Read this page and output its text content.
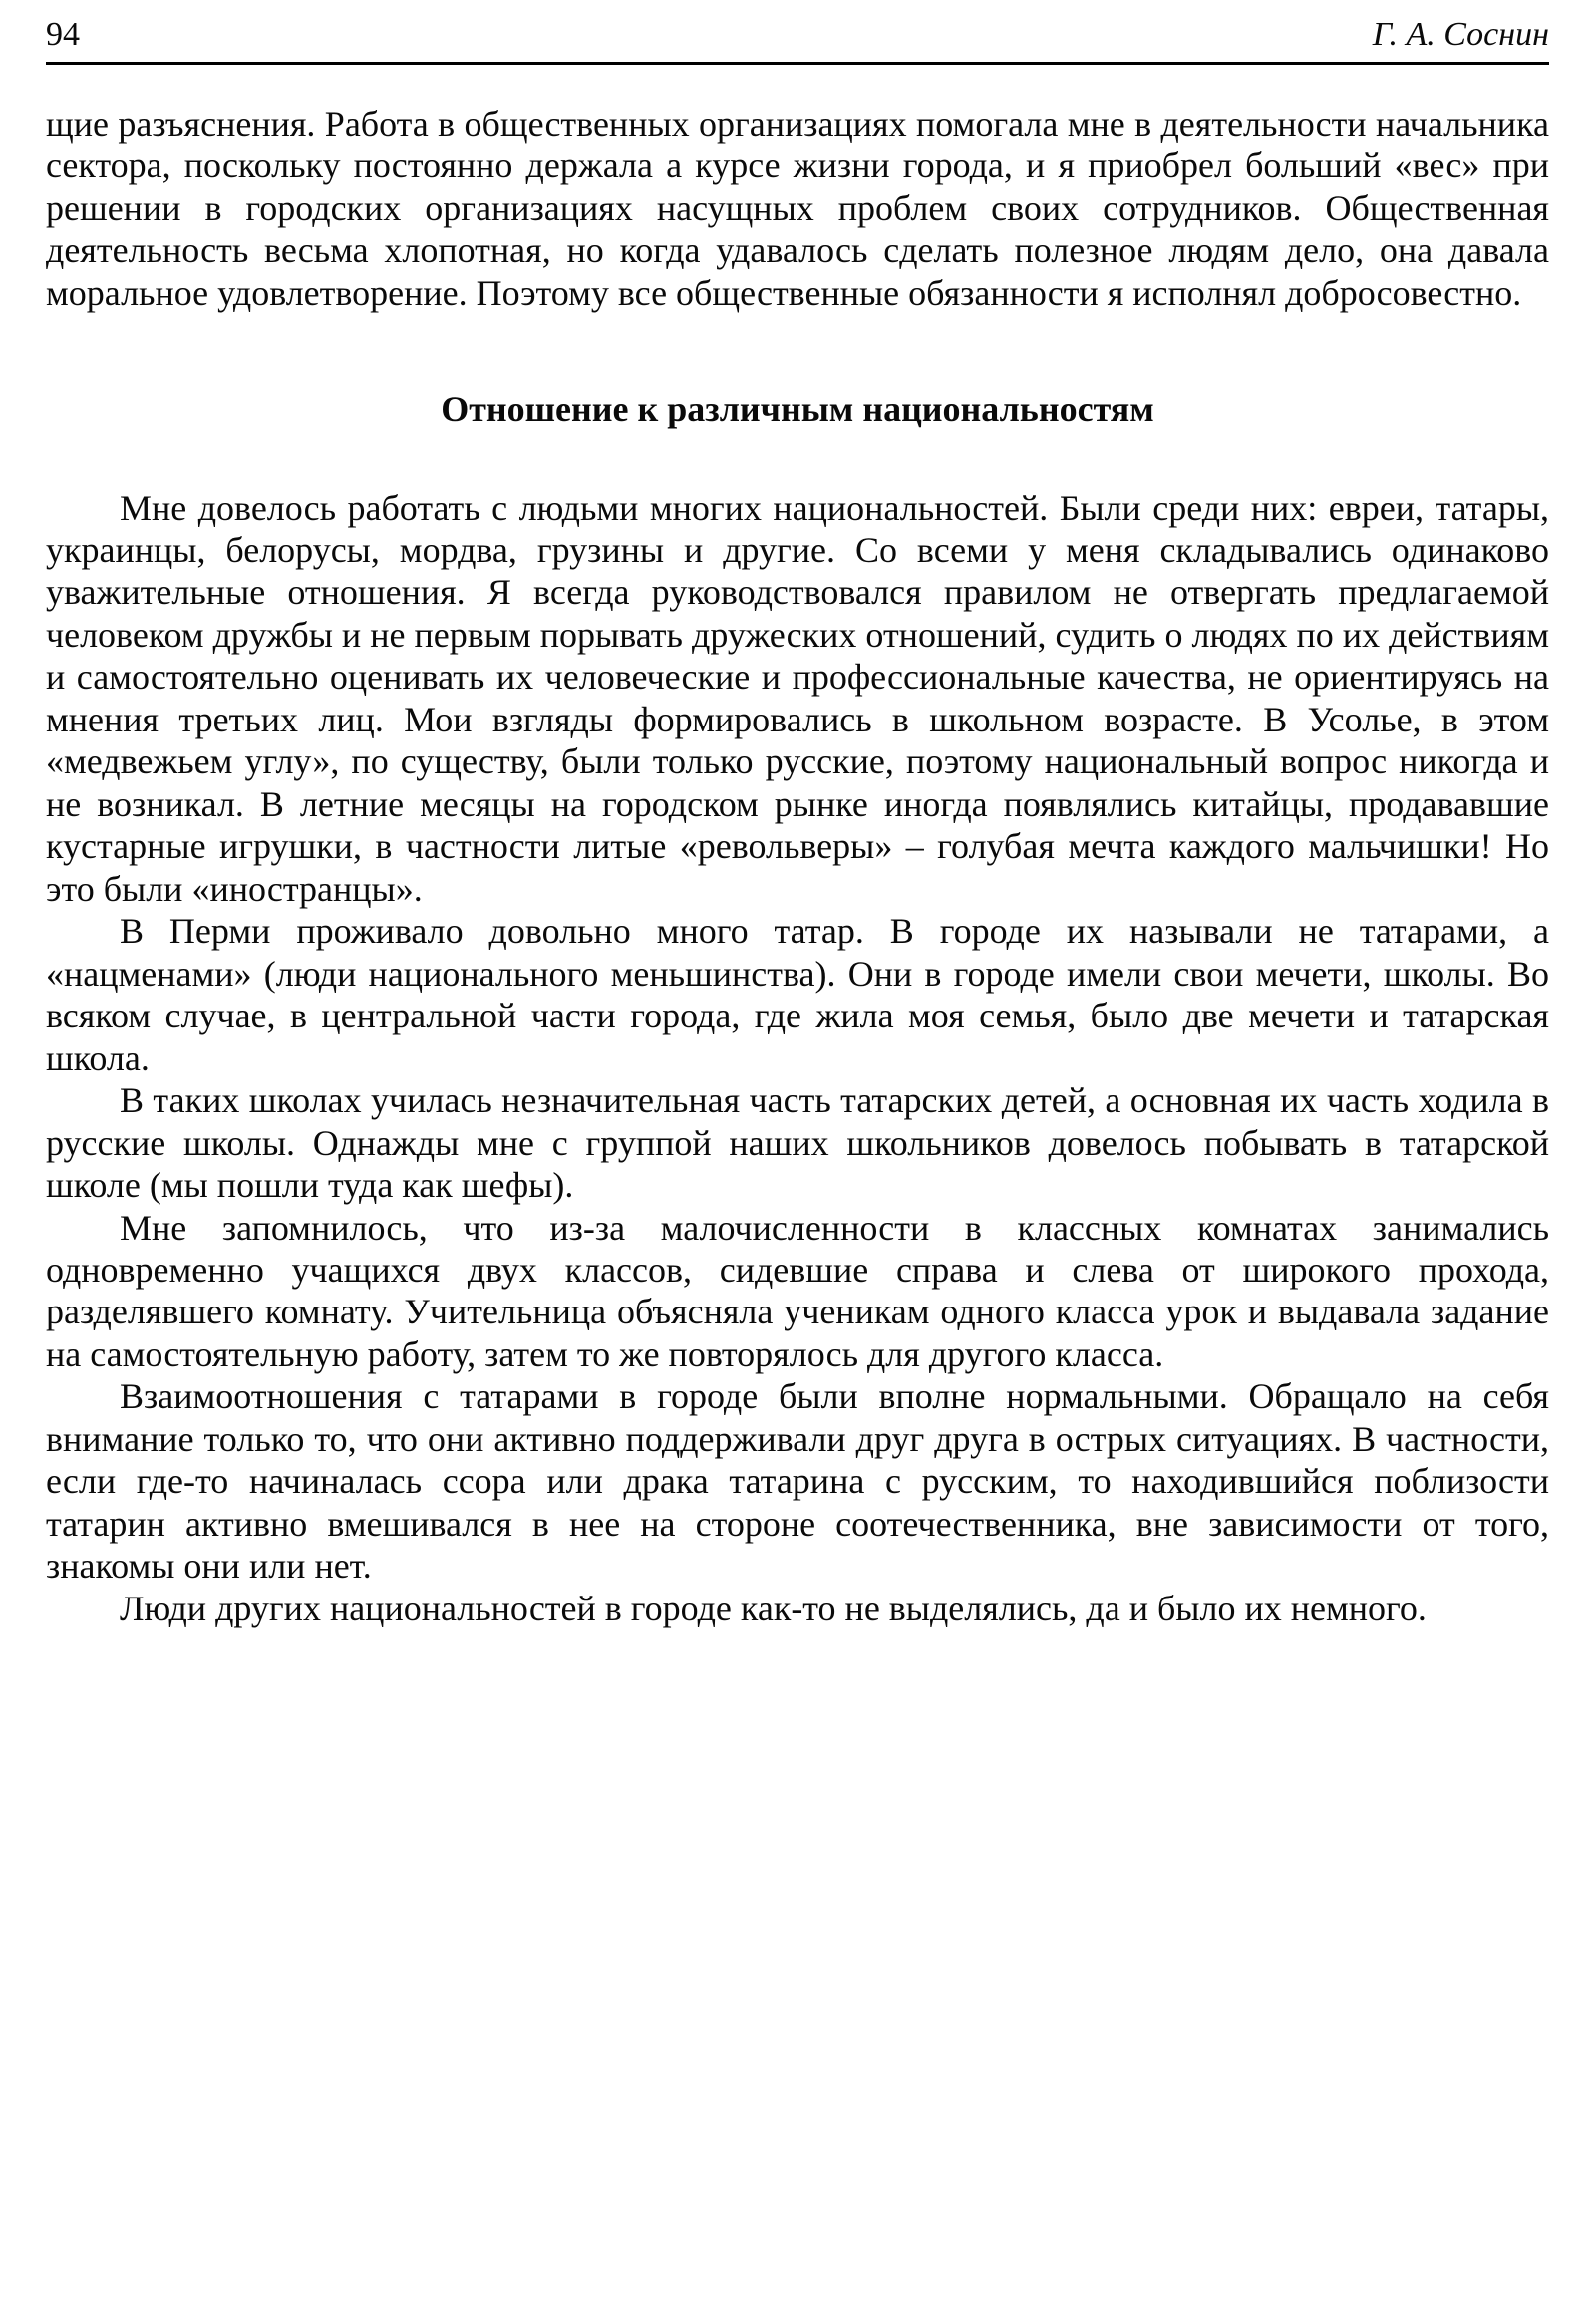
94	Г. А. Соснин

щие разъяснения. Работа в общественных организациях помогала мне в деятельности начальника сектора, поскольку постоянно держала а курсе жизни города, и я приобрел больший «вес» при решении в городских организациях насущных проблем своих сотрудников. Общественная деятельность весьма хлопотная, но когда удавалось сделать полезное людям дело, она давала моральное удовлетворение. Поэтому все общественные обязанности я исполнял добросовестно.

Отношение к различным национальностям

Мне довелось работать с людьми многих национальностей. Были среди них: евреи, татары, украинцы, белорусы, мордва, грузины и другие. Со всеми у меня складывались одинаково уважительные отношения. Я всегда руководствовался правилом не отвергать предлагаемой человеком дружбы и не первым порывать дружеских отношений, судить о людях по их действиям и самостоятельно оценивать их человеческие и профессиональные качества, не ориентируясь на мнения третьих лиц. Мои взгляды формировались в школьном возрасте. В Усолье, в этом «медвежьем углу», по существу, были только русские, поэтому национальный вопрос никогда и не возникал. В летние месяцы на городском рынке иногда появлялись китайцы, продававшие кустарные игрушки, в частности литые «револьверы» – голубая мечта каждого мальчишки! Но это были «иностранцы».

В Перми проживало довольно много татар. В городе их называли не татарами, а «нацменами» (люди национального меньшинства). Они в городе имели свои мечети, школы. Во всяком случае, в центральной части города, где жила моя семья, было две мечети и татарская школа.

В таких школах училась незначительная часть татарских детей, а основная их часть ходила в русские школы. Однажды мне с группой наших школьников довелось побывать в татарской школе (мы пошли туда как шефы).

Мне запомнилось, что из-за малочисленности в классных комнатах занимались одновременно учащихся двух классов, сидевшие справа и слева от широкого прохода, разделявшего комнату. Учительница объясняла ученикам одного класса урок и выдавала задание на самостоятельную работу, затем то же повторялось для другого класса.

Взаимоотношения с татарами в городе были вполне нормальными. Обращало на себя внимание только то, что они активно поддерживали друг друга в острых ситуациях. В частности, если где-то начиналась ссора или драка татарина с русским, то находившийся поблизости татарин активно вмешивался в нее на стороне соотечественника, вне зависимости от того, знакомы они или нет.

Люди других национальностей в городе как-то не выделялись, да и было их немного.
